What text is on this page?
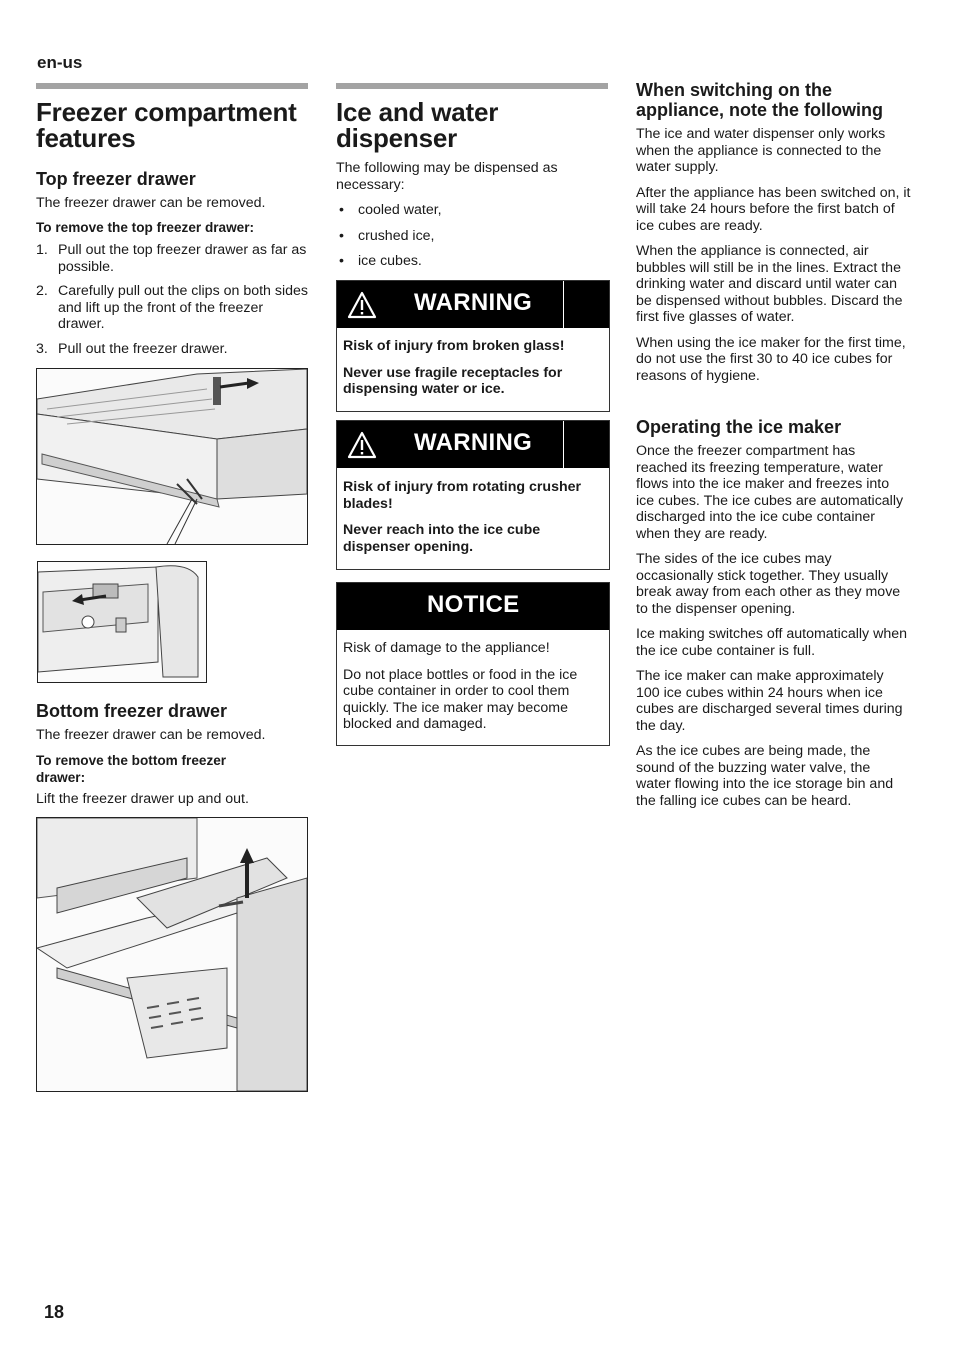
en-us
Freezer compartment features
Top freezer drawer

The freezer drawer can be removed.

To remove the top freezer drawer:

1. Pull out the top freezer drawer as far as possible.
2. Carefully pull out the clips on both sides and lift up the front of the freezer drawer.
3. Pull out the freezer drawer.
Bottom freezer drawer

The freezer drawer can be removed.

To remove the bottom freezer drawer:

Lift the freezer drawer up and out.

Ice and water dispenser

The following may be dispensed as necessary:

• cooled water,
• crushed ice,
• ice cubes.
WARNING

Risk of injury from broken glass!

Never use fragile receptacles for dispensing water or ice.

WARNING

Risk of injury from rotating crusher blades!

Never reach into the ice cube dispenser opening.

NOTICE

Risk of damage to the appliance!

Do not place bottles or food in the ice cube container in order to cool them quickly. The ice maker may become blocked and damaged.

When switching on the appliance, note the following

The ice and water dispenser only works when the appliance is connected to the water supply.

After the appliance has been switched on, it will take 24 hours before the first batch of ice cubes are ready.

When the appliance is connected, air bubbles will still be in the lines. Extract the drinking water and discard until water can be dispensed without bubbles. Discard the first five glasses of water.

When using the ice maker for the first time, do not use the first 30 to 40 ice cubes for reasons of hygiene.

Operating the ice maker

Once the freezer compartment has reached its freezing temperature, water flows into the ice maker and freezes into ice cubes. The ice cubes are automatically discharged into the ice cube container when they are ready.

The sides of the ice cubes may occasionally stick together. They usually break away from each other as they move to the dispenser opening.

Ice making switches off automatically when the ice cube container is full.

The ice maker can make approximately 100 ice cubes within 24 hours when ice cubes are discharged several times during the day.

As the ice cubes are being made, the sound of the buzzing water valve, the water flowing into the ice storage bin and the falling ice cubes can be heard.

18
